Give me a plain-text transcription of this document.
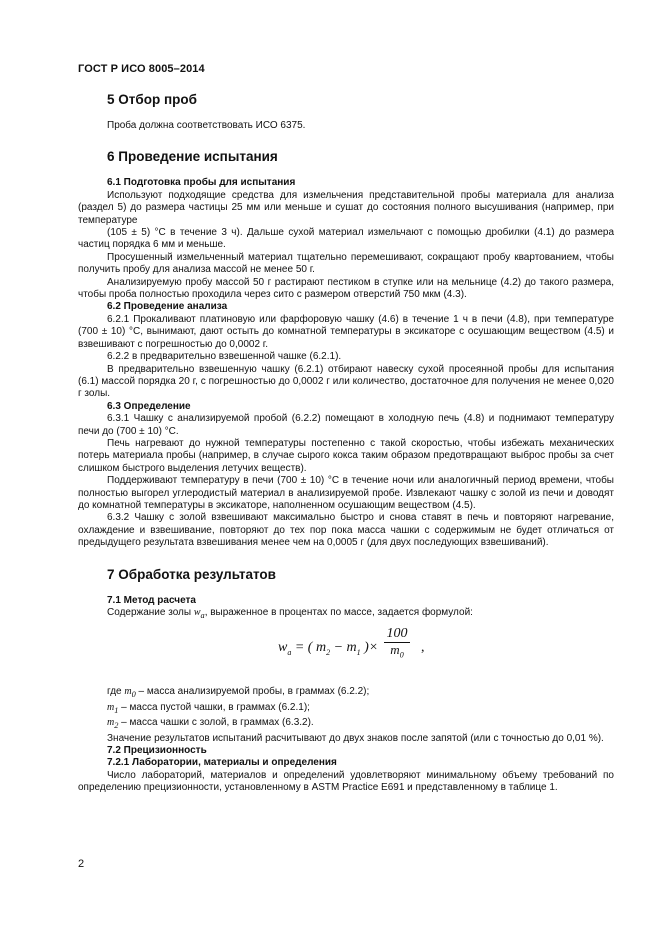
ГОСТ Р ИСО 8005–2014
5 Отбор проб

Проба должна соответствовать ИСО 6375.

6 Проведение испытания
6.1 Подготовка пробы для испытания

Используют подходящие средства для измельчения представительной пробы материала для анализа (раздел 5) до размера частицы 25 мм или меньше и сушат до состояния полного высушивания (например, при температуре

(105 ± 5) °С в течение 3 ч). Дальше сухой материал измельчают с помощью дробилки (4.1) до размера частиц порядка 6 мм и меньше.

Просушенный измельченный материал тщательно перемешивают, сокращают пробу квартованием, чтобы получить пробу для анализа массой не менее 50 г.

Анализируемую пробу массой 50 г растирают пестиком в ступке или на мельнице (4.2) до такого размера, чтобы проба полностью проходила через сито с размером отверстий 750 мкм (4.3).

6.2 Проведение анализа

6.2.1 Прокаливают платиновую или фарфоровую чашку (4.6) в течение 1 ч в печи (4.8), при температуре (700 ± 10) °С, вынимают, дают остыть до комнатной температуры в эксикаторе с осушающим веществом (4.5) и взвешивают с погрешностью до 0,0002 г.

6.2.2 в предварительно взвешенной чашке (6.2.1).

В предварительно взвешенную чашку (6.2.1) отбирают навеску сухой просеянной пробы для испытания (6.1) массой порядка 20 г, с погрешностью до 0,0002 г или количество, достаточное для получения не менее 0,020 г золы.

6.3 Определение

6.3.1 Чашку с анализируемой пробой (6.2.2) помещают в холодную печь (4.8) и поднимают температуру печи до (700 ± 10) °С.

Печь нагревают до нужной температуры постепенно с такой скоростью, чтобы избежать механических потерь материала пробы (например, в случае сырого кокса таким образом предотвращают выброс пробы за счет слишком быстрого выделения летучих веществ).

Поддерживают температуру в печи (700 ± 10) °С в течение ночи или аналогичный период времени, чтобы полностью выгорел углеродистый материал в анализируемой пробе. Извлекают чашку с золой из печи и доводят до комнатной температуры в эксикаторе, наполненном осушающим веществом (4.5).

6.3.2 Чашку с золой взвешивают максимально быстро и снова ставят в печь и повторяют нагревание, охлаждение и взвешивание, повторяют до тех пор пока масса чашки с содержимым не будет отличаться от предыдущего результата взвешивания менее чем на 0,0005 г (для двух последующих взвешиваний).

7 Обработка результатов
7.1 Метод расчета

Содержание золы $w_a$, выраженное в процентах по массе, задается формулой:

$w_a$ = ( $m_2 - m_1$ )× $\frac{100}{m_0}$ ,

где $m_0$ – масса анализируемой пробы, в граммах (6.2.2);

$m_1$ – масса пустой чашки, в граммах (6.2.1);

$m_2$ – масса чашки с золой, в граммах (6.3.2).

Значение результатов испытаний расчитывают до двух знаков после запятой (или с точностью до 0,01 %).

7.2 Прецизионность
7.2.1 Лаборатории, материалы и определения

Число лабораторий, материалов и определений удовлетворяют минимальному объему требований по определению прецизионности, установленному в ASTM Practice E691 и представленному в таблице 1.

2
